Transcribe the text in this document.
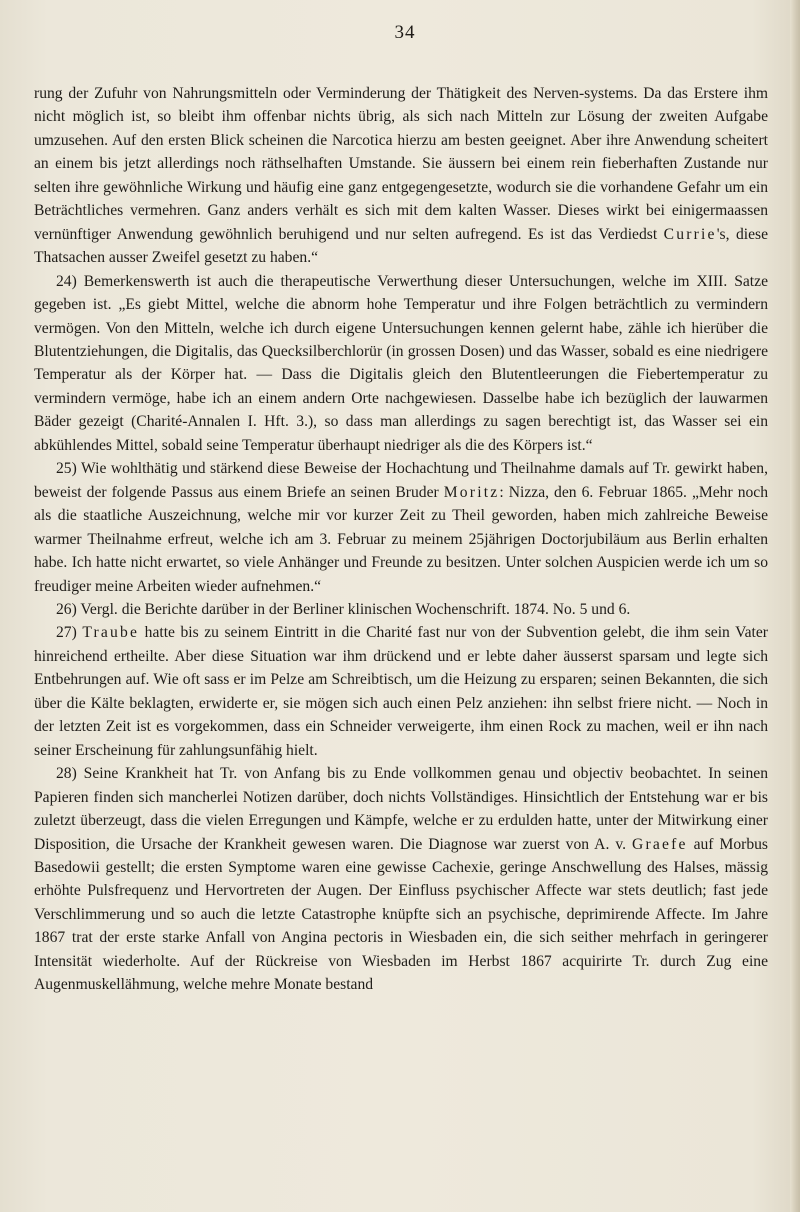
34

rung der Zufuhr von Nahrungsmitteln oder Verminderung der Thätigkeit des Nerven-systems. Da das Erstere ihm nicht möglich ist, so bleibt ihm offenbar nichts übrig, als sich nach Mitteln zur Lösung der zweiten Aufgabe umzusehen. Auf den ersten Blick scheinen die Narcotica hierzu am besten geeignet. Aber ihre Anwendung scheitert an einem bis jetzt allerdings noch räthselhaften Umstande. Sie äussern bei einem rein fieberhaften Zustande nur selten ihre gewöhnliche Wirkung und häufig eine ganz entgegengesetzte, wodurch sie die vorhandene Gefahr um ein Beträchtliches vermehren. Ganz anders verhält es sich mit dem kalten Wasser. Dieses wirkt bei einigermaassen vernünftiger Anwendung gewöhnlich beruhigend und nur selten aufregend. Es ist das Verdiedst Currie's, diese Thatsachen ausser Zweifel gesetzt zu haben.“

24) Bemerkenswerth ist auch die therapeutische Verwerthung dieser Untersuchungen, welche im XIII. Satze gegeben ist. „Es giebt Mittel, welche die abnorm hohe Temperatur und ihre Folgen beträchtlich zu vermindern vermögen. Von den Mitteln, welche ich durch eigene Untersuchungen kennen gelernt habe, zähle ich hierüber die Blutentziehungen, die Digitalis, das Quecksilberchlorür (in grossen Dosen) und das Wasser, sobald es eine niedrigere Temperatur als der Körper hat. — Dass die Digitalis gleich den Blutentleerungen die Fiebertemperatur zu vermindern vermöge, habe ich an einem andern Orte nachgewiesen. Dasselbe habe ich bezüglich der lauwarmen Bäder gezeigt (Charité-Annalen I. Hft. 3.), so dass man allerdings zu sagen berechtigt ist, das Wasser sei ein abkühlendes Mittel, sobald seine Temperatur überhaupt niedriger als die des Körpers ist.“

25) Wie wohlthätig und stärkend diese Beweise der Hochachtung und Theilnahme damals auf Tr. gewirkt haben, beweist der folgende Passus aus einem Briefe an seinen Bruder Moritz: Nizza, den 6. Februar 1865. „Mehr noch als die staatliche Auszeichnung, welche mir vor kurzer Zeit zu Theil geworden, haben mich zahlreiche Beweise warmer Theilnahme erfreut, welche ich am 3. Februar zu meinem 25jährigen Doctorjubiläum aus Berlin erhalten habe. Ich hatte nicht erwartet, so viele Anhänger und Freunde zu besitzen. Unter solchen Auspicien werde ich um so freudiger meine Arbeiten wieder aufnehmen.“

26) Vergl. die Berichte darüber in der Berliner klinischen Wochenschrift. 1874. No. 5 und 6.

27) Traube hatte bis zu seinem Eintritt in die Charité fast nur von der Subvention gelebt, die ihm sein Vater hinreichend ertheilte. Aber diese Situation war ihm drückend und er lebte daher äusserst sparsam und legte sich Entbehrungen auf. Wie oft sass er im Pelze am Schreibtisch, um die Heizung zu ersparen; seinen Bekannten, die sich über die Kälte beklagten, erwiderte er, sie mögen sich auch einen Pelz anziehen: ihn selbst friere nicht. — Noch in der letzten Zeit ist es vorgekommen, dass ein Schneider verweigerte, ihm einen Rock zu machen, weil er ihn nach seiner Erscheinung für zahlungsunfähig hielt.

28) Seine Krankheit hat Tr. von Anfang bis zu Ende vollkommen genau und objectiv beobachtet. In seinen Papieren finden sich mancherlei Notizen darüber, doch nichts Vollständiges. Hinsichtlich der Entstehung war er bis zuletzt überzeugt, dass die vielen Erregungen und Kämpfe, welche er zu erdulden hatte, unter der Mitwirkung einer Disposition, die Ursache der Krankheit gewesen waren. Die Diagnose war zuerst von A. v. Graefe auf Morbus Basedowii gestellt; die ersten Symptome waren eine gewisse Cachexie, geringe Anschwellung des Halses, mässig erhöhte Pulsfrequenz und Hervortreten der Augen. Der Einfluss psychischer Affecte war stets deutlich; fast jede Verschlimmerung und so auch die letzte Catastrophe knüpfte sich an psychische, deprimirende Affecte. Im Jahre 1867 trat der erste starke Anfall von Angina pectoris in Wiesbaden ein, die sich seither mehrfach in geringerer Intensität wiederholte. Auf der Rückreise von Wiesbaden im Herbst 1867 acquirirte Tr. durch Zug eine Augenmuskellähmung, welche mehre Monate bestand
